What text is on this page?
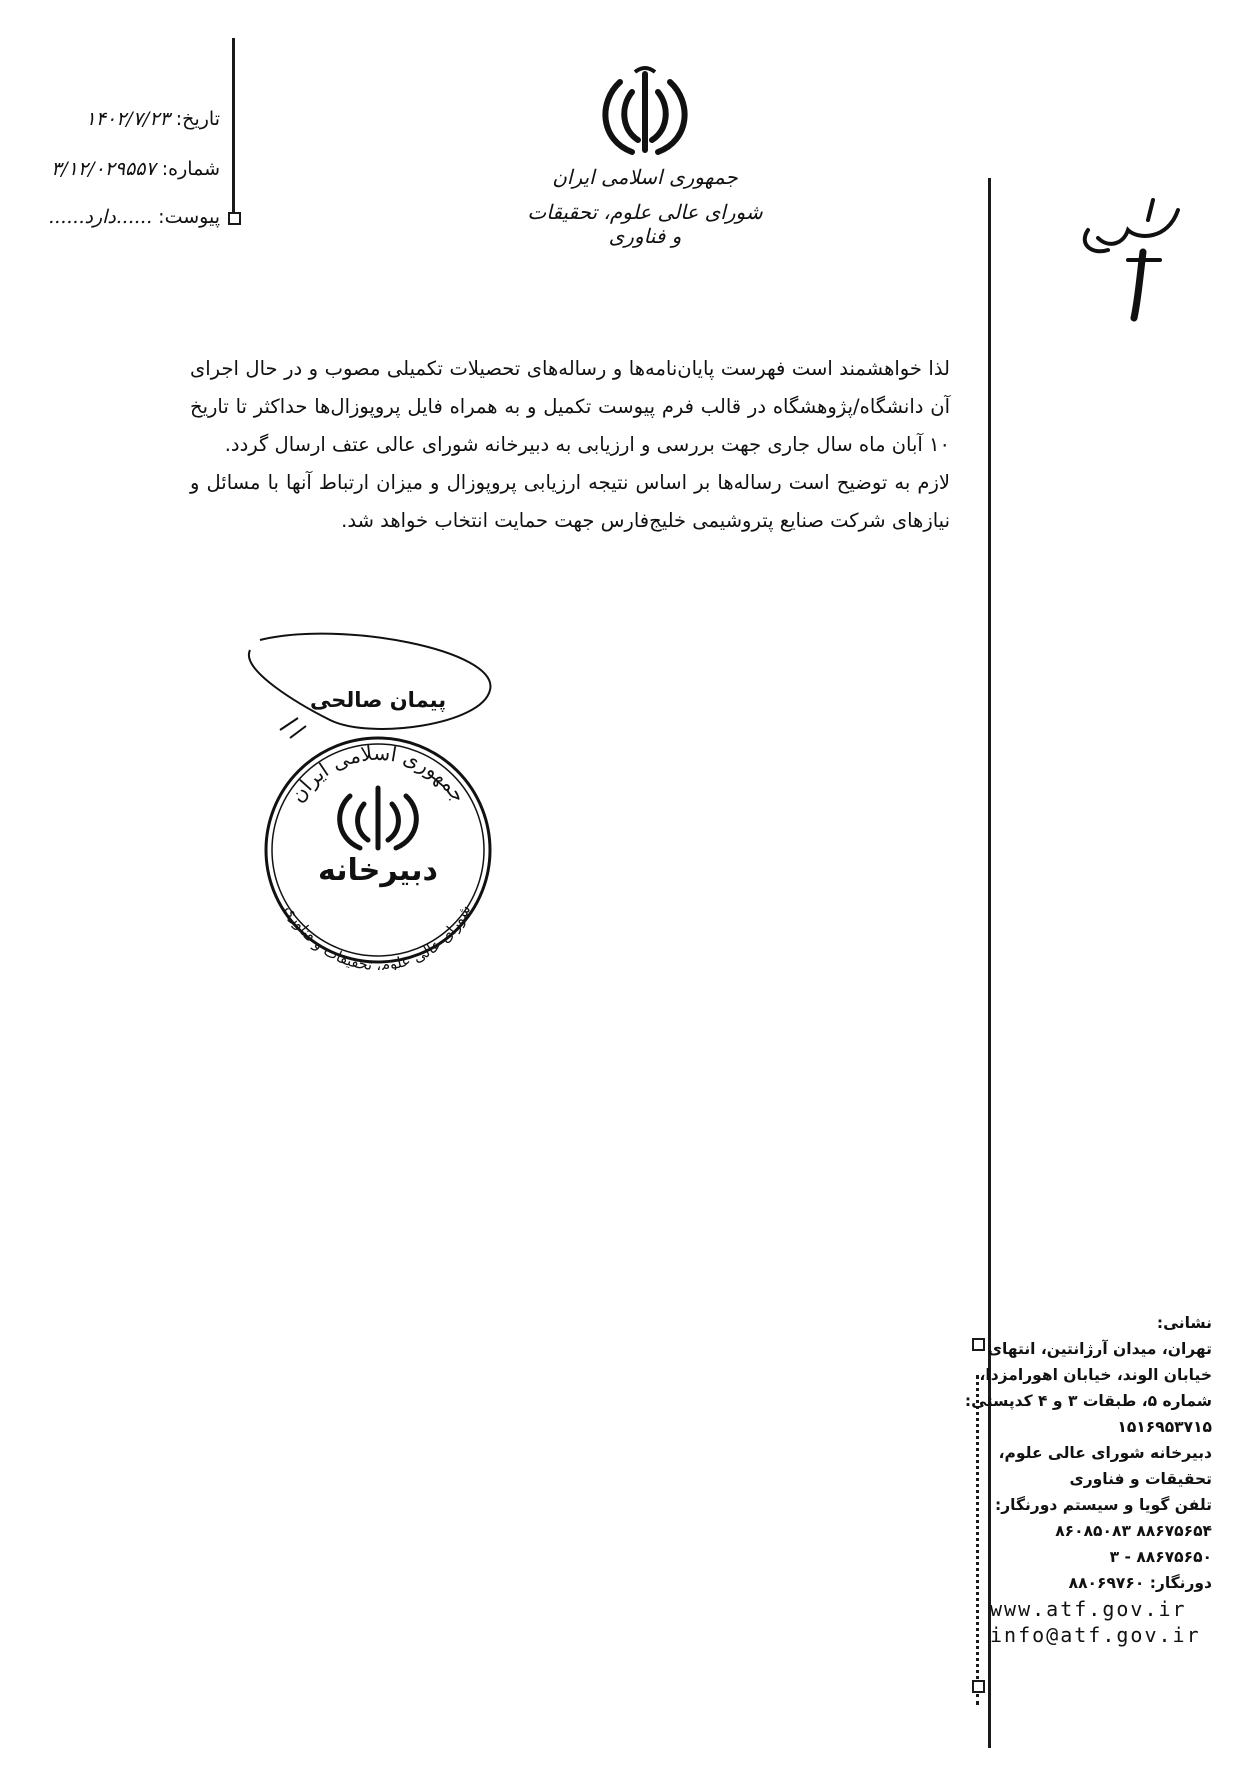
جمهوری اسلامی ایران
شورای عالی علوم، تحقیقات و فناوری
تاریخ: ۱۴۰۲/۷/۲۳
شماره: ۳/۱۲/۰۲۹۵۵۷
پیوست: ......دارد......

لذا خواهشمند است فهرست پایان‌نامه‌ها و رساله‌های تحصیلات تکمیلی مصوب و در حال اجرای آن دانشگاه/پژوهشگاه در قالب فرم پیوست تکمیل و به همراه فایل پروپوزال‌ها حداکثر تا تاریخ ۱۰ آبان ماه سال جاری جهت بررسی و ارزیابی به دبیرخانه شورای عالی عتف ارسال گردد.

لازم به توضیح است رساله‌ها بر اساس نتیجه ارزیابی پروپوزال و میزان ارتباط آنها با مسائل و نیازهای شرکت صنایع پتروشیمی خلیج‌فارس جهت حمایت انتخاب خواهد شد.

پیمان صالحی
دبیرخانه
جمهوری اسلامی ایران
شورای عالی علوم، تحقیقات و فناوری
نشانی:
تهران، میدان آرژانتین، انتهای
خیابان الوند، خیابان اهورامزدا،
شماره ۵، طبقات ۳ و ۴ کدپستی:
۱۵۱۶۹۵۳۷۱۵
دبیرخانه شورای عالی علوم،
تحقیقات و فناوری
تلفن گویا و سیستم دورنگار:
۸۸۶۷۵۶۵۴ ۸۶۰۸۵۰۸۳
۸۸۶۷۵۶۵۰ - ۳
دورنگار: ۸۸۰۶۹۷۶۰
www.atf.gov.ir
info@atf.gov.ir
